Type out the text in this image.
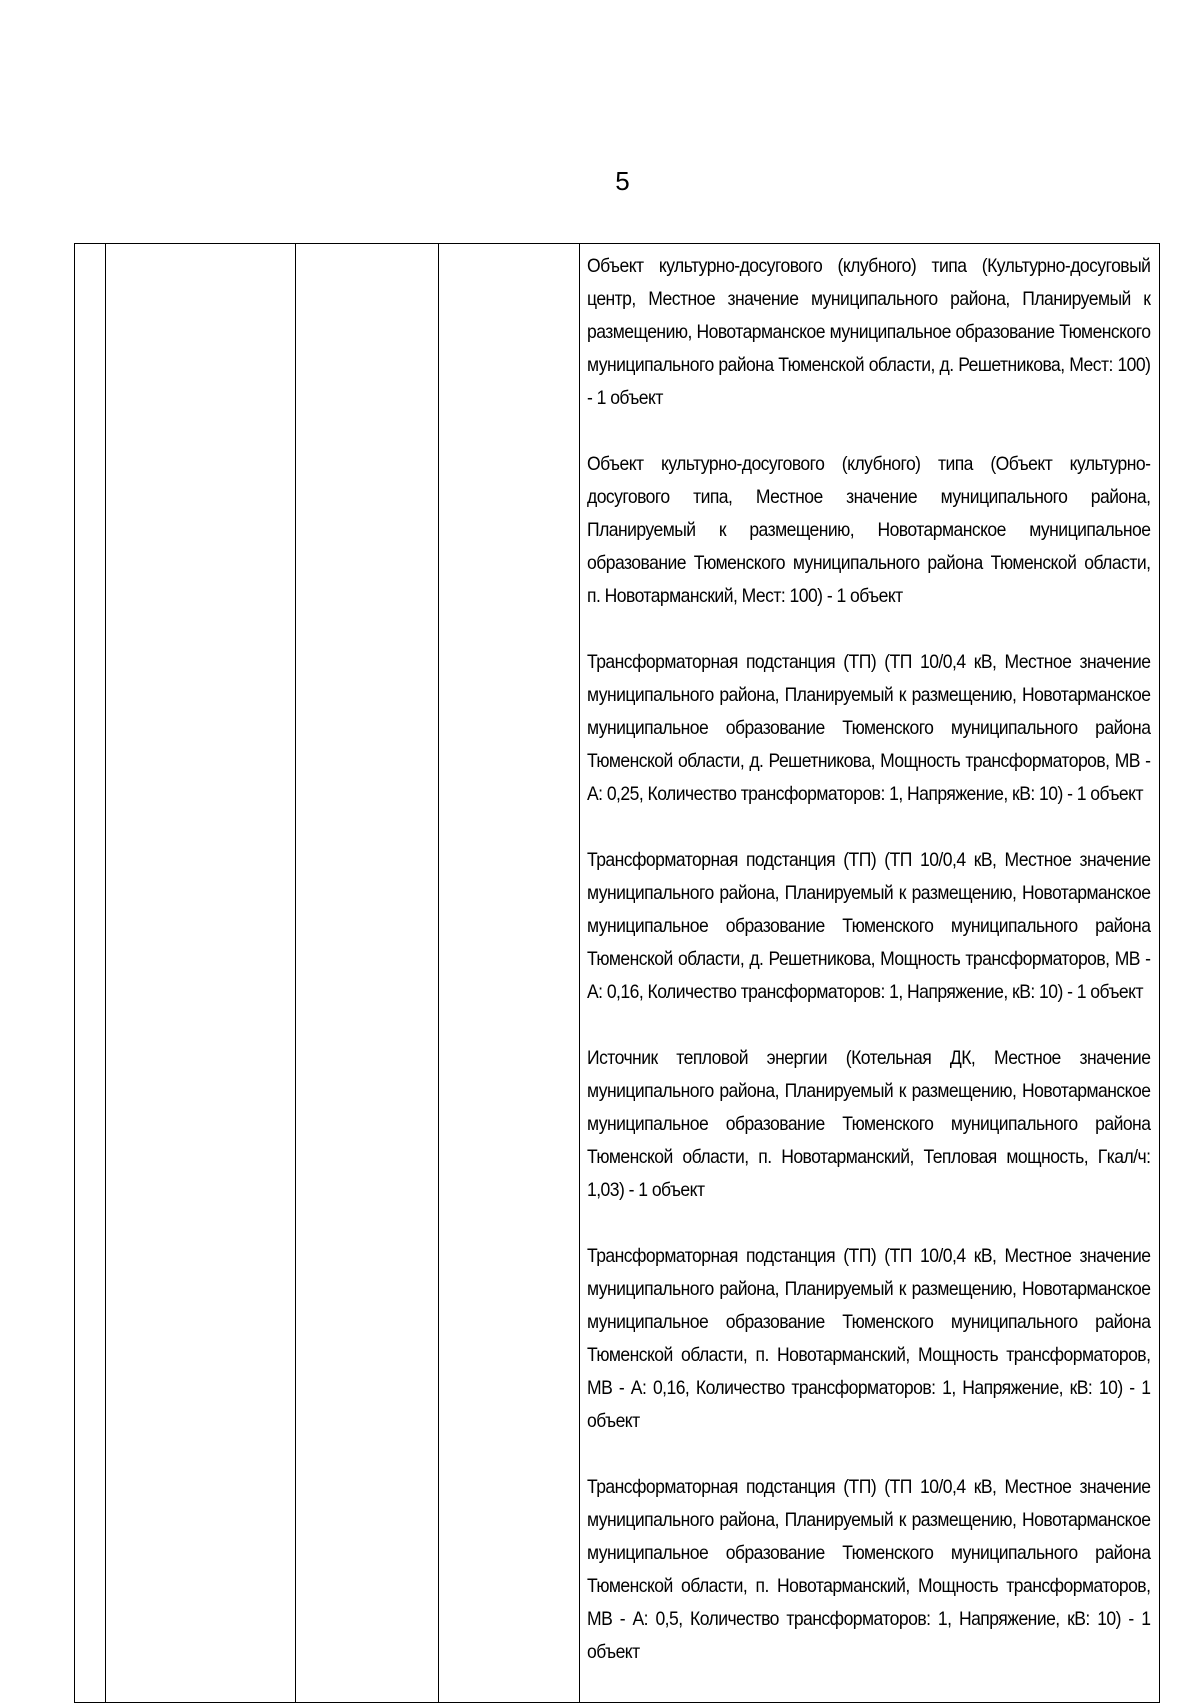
5

Объект культурно-досугового (клубного) типа (Культурно-досуговый центр, Местное значение муниципального района, Планируемый к размещению, Новотарманское муниципальное образование Тюменского муниципального района Тюменской области, д. Решетникова, Мест: 100) - 1 объект

Объект культурно-досугового (клубного) типа (Объект культурно-досугового типа, Местное значение муниципального района, Планируемый к размещению, Новотарманское муниципальное образование Тюменского муниципального района Тюменской области, п. Новотарманский, Мест: 100) - 1 объект

Трансформаторная подстанция (ТП) (ТП 10/0,4 кВ, Местное значение муниципального района, Планируемый к размещению, Новотарманское муниципальное образование Тюменского муниципального района Тюменской области, д. Решетникова, Мощность трансформаторов, МВ - А: 0,25, Количество трансформаторов: 1, Напряжение, кВ: 10) - 1 объект

Трансформаторная подстанция (ТП) (ТП 10/0,4 кВ, Местное значение муниципального района, Планируемый к размещению, Новотарманское муниципальное образование Тюменского муниципального района Тюменской области, д. Решетникова, Мощность трансформаторов, МВ - А: 0,16, Количество трансформаторов: 1, Напряжение, кВ: 10) - 1 объект

Источник тепловой энергии (Котельная ДК, Местное значение муниципального района, Планируемый к размещению, Новотарманское муниципальное образование Тюменского муниципального района Тюменской области, п. Новотарманский, Тепловая мощность, Гкал/ч: 1,03) - 1 объект

Трансформаторная подстанция (ТП) (ТП 10/0,4 кВ, Местное значение муниципального района, Планируемый к размещению, Новотарманское муниципальное образование Тюменского муниципального района Тюменской области, п. Новотарманский, Мощность трансформаторов, МВ - А: 0,16, Количество трансформаторов: 1, Напряжение, кВ: 10) - 1 объект

Трансформаторная подстанция (ТП) (ТП 10/0,4 кВ, Местное значение муниципального района, Планируемый к размещению, Новотарманское муниципальное образование Тюменского муниципального района Тюменской области, п. Новотарманский, Мощность трансформаторов, МВ - А: 0,5, Количество трансформаторов: 1, Напряжение, кВ: 10) - 1 объект
